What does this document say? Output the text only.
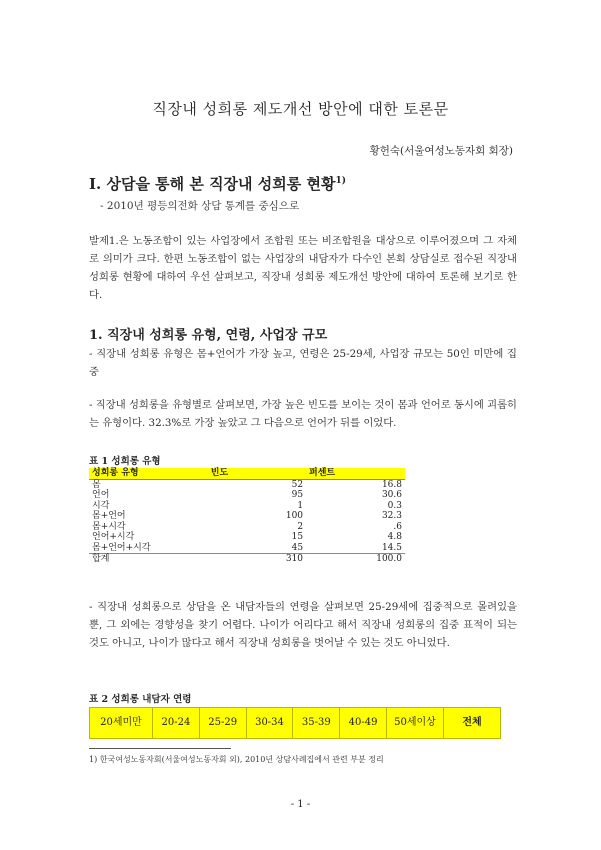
직장내 성희롱 제도개선 방안에 대한 토론문
황헌숙(서울여성노동자회 회장)
I. 상담을 통해 본 직장내 성희롱 현황$^{1)}$
- 2010년 평등의전화 상담 통계를 중심으로
발제1.은 노동조합이 있는 사업장에서 조합원 또는 비조합원을 대상으로 이루어졌으며 그 자체로 의미가 크다. 한편 노동조합이 없는 사업장의 내담자가 다수인 본회 상담실로 접수된 직장내 성희롱 현황에 대하여 우선 살펴보고, 직장내 성희롱 제도개선 방안에 대하여 토론해 보기로 한다.
1. 직장내 성희롱 유형, 연령, 사업장 규모
- 직장내 성희롱 유형은 몸+언어가 가장 높고, 연령은 25-29세, 사업장 규모는 50인 미만에 집중
- 직장내 성희롱을 유형별로 살펴보면, 가장 높은 빈도를 보이는 것이 몸과 언어로 동시에 괴롭히는 유형이다. 32.3%로 가장 높았고 그 다음으로 언어가 뒤를 이었다.
표 1 성희롱 유형
성희롱 유형	빈도	퍼센트
몸	52	16.8
언어	95	30.6
시각	1	0.3
몸+언어	100	32.3
몸+시각	2	.6
언어+시각	15	4.8
몸+언어+시각	45	14.5
합계	310	100.0
- 직장내 성희롱으로 상담을 온 내담자들의 연령을 살펴보면 25-29세에 집중적으로 몰려있을 뿐, 그 외에는 경향성을 찾기 어렵다. 나이가 어리다고 해서 직장내 성희롱의 집중 표적이 되는 것도 아니고, 나이가 많다고 해서 직장내 성희롱을 벗어날 수 있는 것도 아니었다.
표 2 성희롱 내담자 연령
20세미만	20-24	25-29	30-34	35-39	40-49	50세이상	전체
1) 한국여성노동자회(서울여성노동자회 외), 2010년 상담사례집에서 관련 부분 정리
- 1 -
